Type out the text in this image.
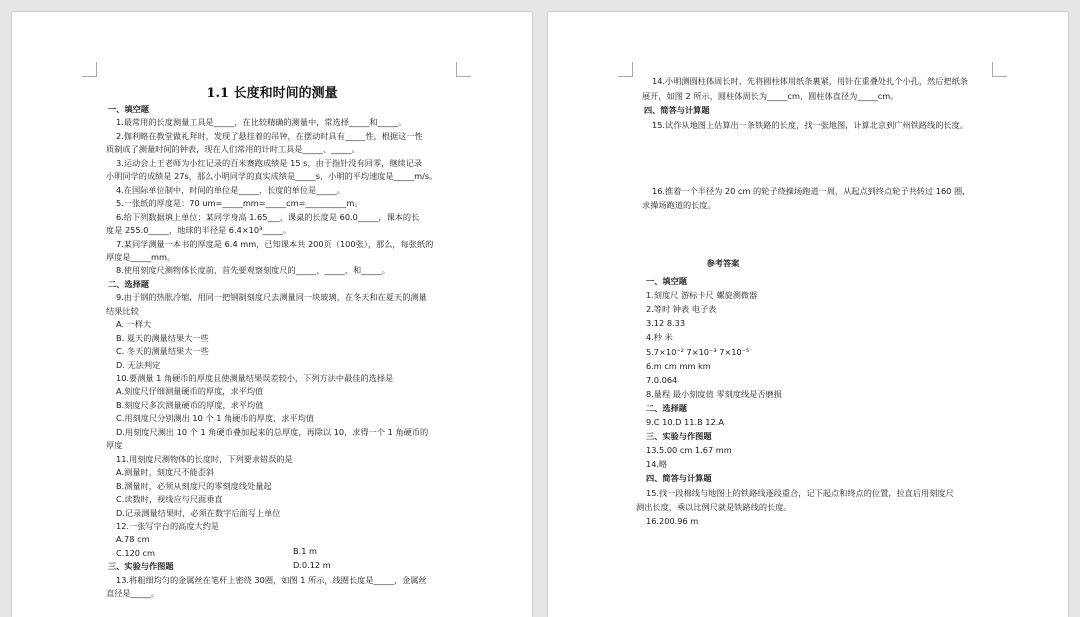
1.1 长度和时间的测量
一、填空题
1.最常用的长度测量工具是_____，在比较精确的测量中，常选择_____和_____。
2.伽利略在教堂做礼拜时，发现了悬挂着的吊钟，在摆动时具有_____性，根据这一性
质制成了测量时间的钟表，现在人们常用的计时工具是_____、_____。
3.运动会上王老师为小红记录的百米赛跑成绩是 15 s，由于指针没有回零，继续记录
小明同学的成绩是 27s，那么小明同学的真实成绩是_____s，小明的平均速度是_____m/s。
4.在国际单位制中，时间的单位是_____，长度的单位是_____。
5.一张纸的厚度是：70 um=_____mm=_____cm=__________m。
6.给下列数据填上单位：某同学身高 1.65___，课桌的长度是 60.0_____，课本的长
度是 255.0_____，地球的半径是 6.4×10³_____。
7.某同学测量一本书的厚度是 6.4 mm，已知课本共 200页（100张），那么，每张纸的
厚度是_____mm。
8.使用刻度尺测物体长度前，首先要观察刻度尺的_____、_____、和_____。
二、选择题
9.由于钢的热胀冷缩，用同一把钢制刻度尺去测量同一块玻璃，在冬天和在夏天的测量
结果比较
A. 一样大
B. 夏天的测量结果大一些
C. 冬天的测量结果大一些
D. 无法判定
10.要测量 1 角硬币的厚度且使测量结果误差较小，下列方法中最佳的选择是
A.刻度尺仔细测量硬币的厚度，求平均值
B.刻度尺多次测量硬币的厚度，求平均值
C.用刻度尺分别测出 10 个 1 角硬币的厚度，求平均值
D.用刻度尺测出 10 个 1 角硬币叠加起来的总厚度，再除以 10，求得一个 1 角硬币的
厚度
11.用刻度尺测物体的长度时，下列要求错误的是
A.测量时，刻度尺不能歪斜
B.测量时，必须从刻度尺的零刻度线处量起
C.读数时，视线应与尺面垂直
D.记录测量结果时，必须在数字后面写上单位
12.一张写字台的高度大约是
A.78 cm
C.120 cm
三、实验与作图题
13.将粗细均匀的金属丝在笔杆上密绕 30圈，如图 1 所示，线圈长度是_____，金属丝
直径是_____。
B.1 m
D.0.12 m
14.小明测圆柱体周长时，先将圆柱体用纸条裹紧，用针在重叠处扎个小孔，然后把纸条
展开，如图 2 所示，圆柱体周长为_____cm，圆柱体直径为_____cm。
四、简答与计算题
15.试作从地图上估算出一条铁路的长度，找一张地图，计算北京到广州铁路线的长度。
16.推着一个半径为 20 cm 的轮子绕操场跑道一周，从起点到终点轮子共转过 160 圈，
求操场跑道的长度。
参考答案
一、填空题
1.刻度尺 游标卡尺 螺旋测微器
2.等时 钟表 电子表
3.12 8.33
4.秒 米
5.7×10⁻² 7×10⁻³ 7×10⁻⁵
6.m cm mm km
7.0.064
8.量程 最小刻度值 零刻度线是否磨损
二、选择题
9.C 10.D 11.B 12.A
三、实验与作图题
13.5.00 cm 1.67 mm
14.略
四、简答与计算题
15.找一段棉线与地图上的铁路线逐段重合，记下起点和终点的位置，拉直后用刻度尺
测出长度，乘以比例尺就是铁路线的长度。
16.200.96 m
